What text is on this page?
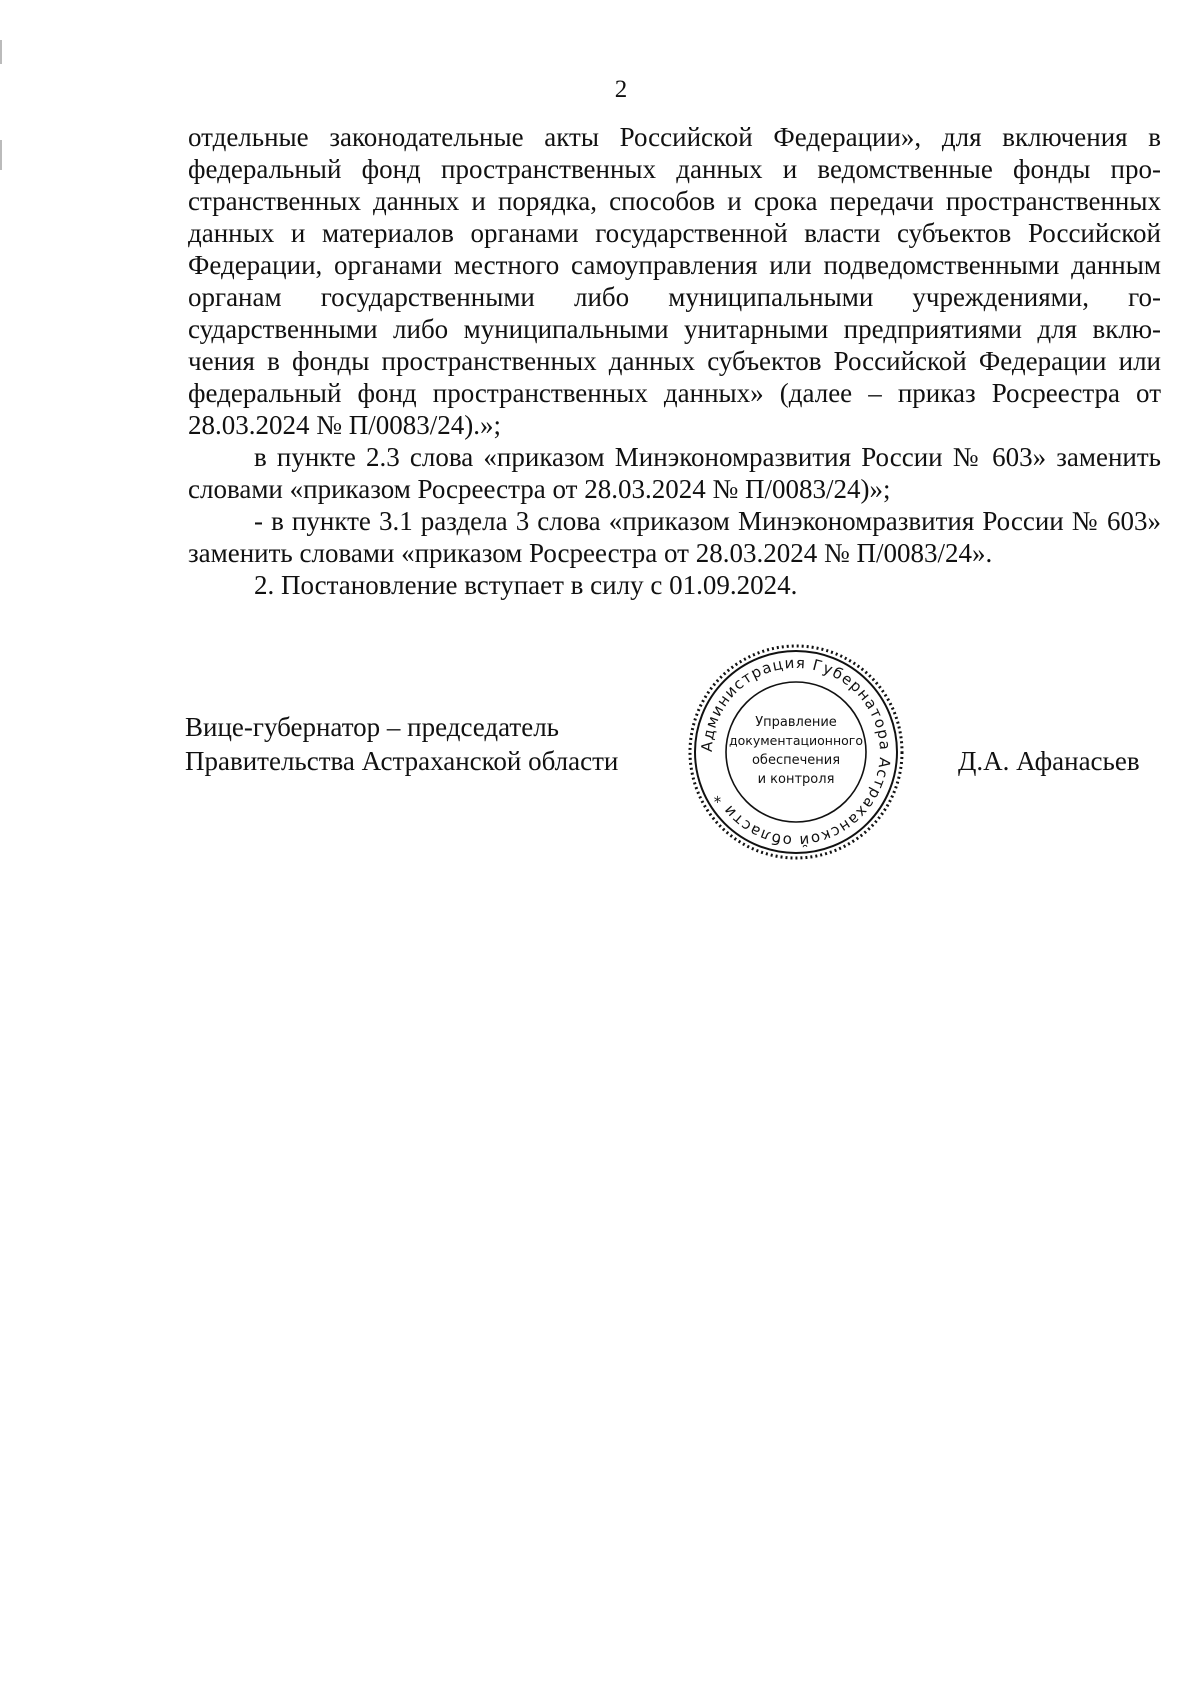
2

отдельные законодательные акты Российской Федерации», для включения в федеральный фонд пространственных данных и ведомственные фонды пространственных данных и порядка, способов и срока передачи пространственных данных и материалов органами государственной власти субъектов Российской Федерации, органами местного самоуправления или подведомственными данным органам государственными либо муниципальными учреждениями, государственными либо муниципальными унитарными предприятиями для включения в фонды пространственных данных субъектов Российской Федерации или федеральный фонд пространственных данных» (далее – приказ Росреестра от 28.03.2024 № П/0083/24).»;

в пункте 2.3 слова «приказом Минэкономразвития России № 603» заменить словами «приказом Росреестра от 28.03.2024 № П/0083/24)»;

- в пункте 3.1 раздела 3 слова «приказом Минэкономразвития России № 603» заменить словами «приказом Росреестра от 28.03.2024 № П/0083/24».

2. Постановление вступает в силу с 01.09.2024.

Вице-губернатор – председатель
Правительства Астраханской области	Администрация Губернатора Астраханской области *
Управление
документационного
обеспечения
и контроля
Д.А. Афанасьев
